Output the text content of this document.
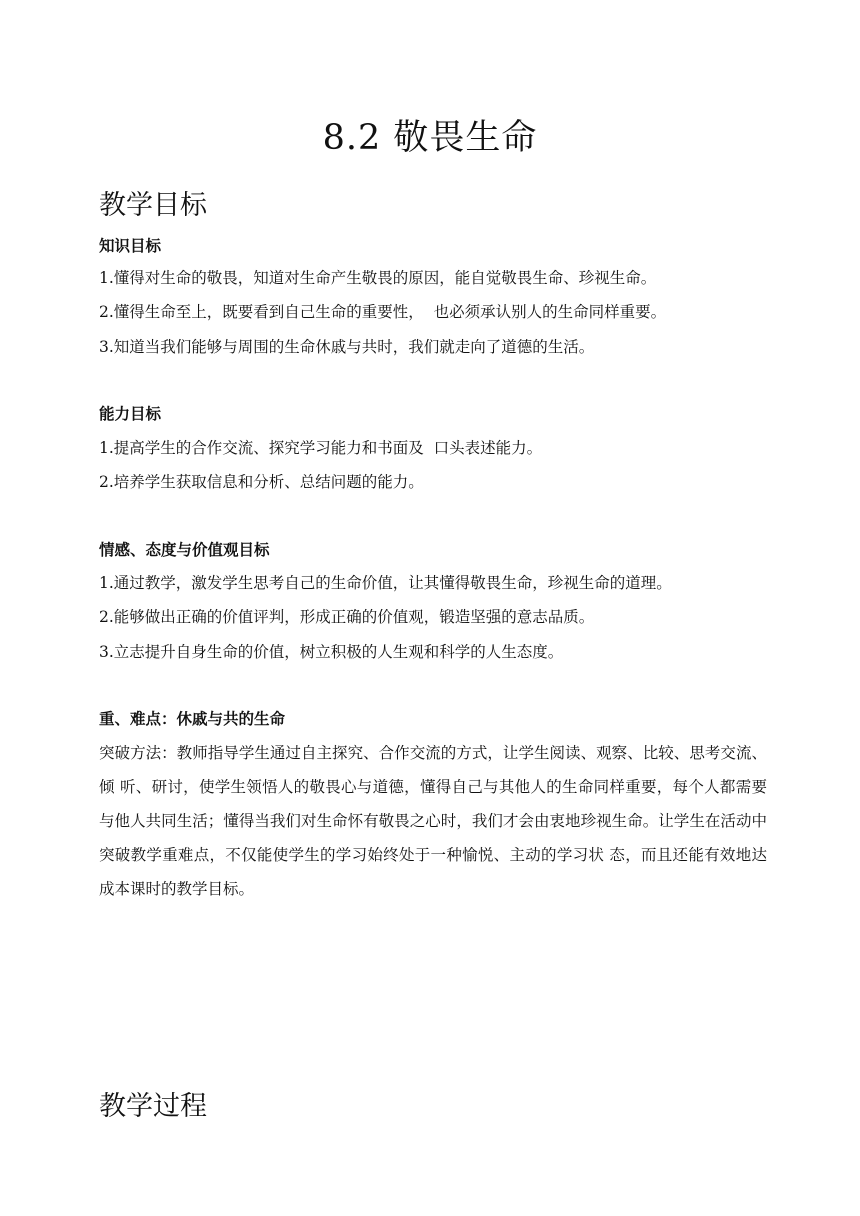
8.2 敬畏生命
教学目标
知识目标
1.懂得对生命的敬畏，知道对生命产生敬畏的原因，能自觉敬畏生命、珍视生命。
2.懂得生命至上，既要看到自己生命的重要性，  也必须承认别人的生命同样重要。
3.知道当我们能够与周围的生命休戚与共时，我们就走向了道德的生活。
能力目标
1.提高学生的合作交流、探究学习能力和书面及  口头表述能力。
2.培养学生获取信息和分析、总结问题的能力。
情感、态度与价值观目标
1.通过教学，激发学生思考自己的生命价值，让其懂得敬畏生命，珍视生命的道理。
2.能够做出正确的价值评判，形成正确的价值观，锻造坚强的意志品质。
3.立志提升自身生命的价值，树立积极的人生观和科学的人生态度。
重、难点：休戚与共的生命

突破方法：教师指导学生通过自主探究、合作交流的方式，让学生阅读、观察、比较、思考交流、倾 听、研讨，使学生领悟人的敬畏心与道德，懂得自己与其他人的生命同样重要，每个人都需要与他人共同生活；懂得当我们对生命怀有敬畏之心时，我们才会由衷地珍视生命。让学生在活动中突破教学重难点，不仅能使学生的学习始终处于一种愉悦、主动的学习状 态，而且还能有效地达成本课时的教学目标。

教学过程
